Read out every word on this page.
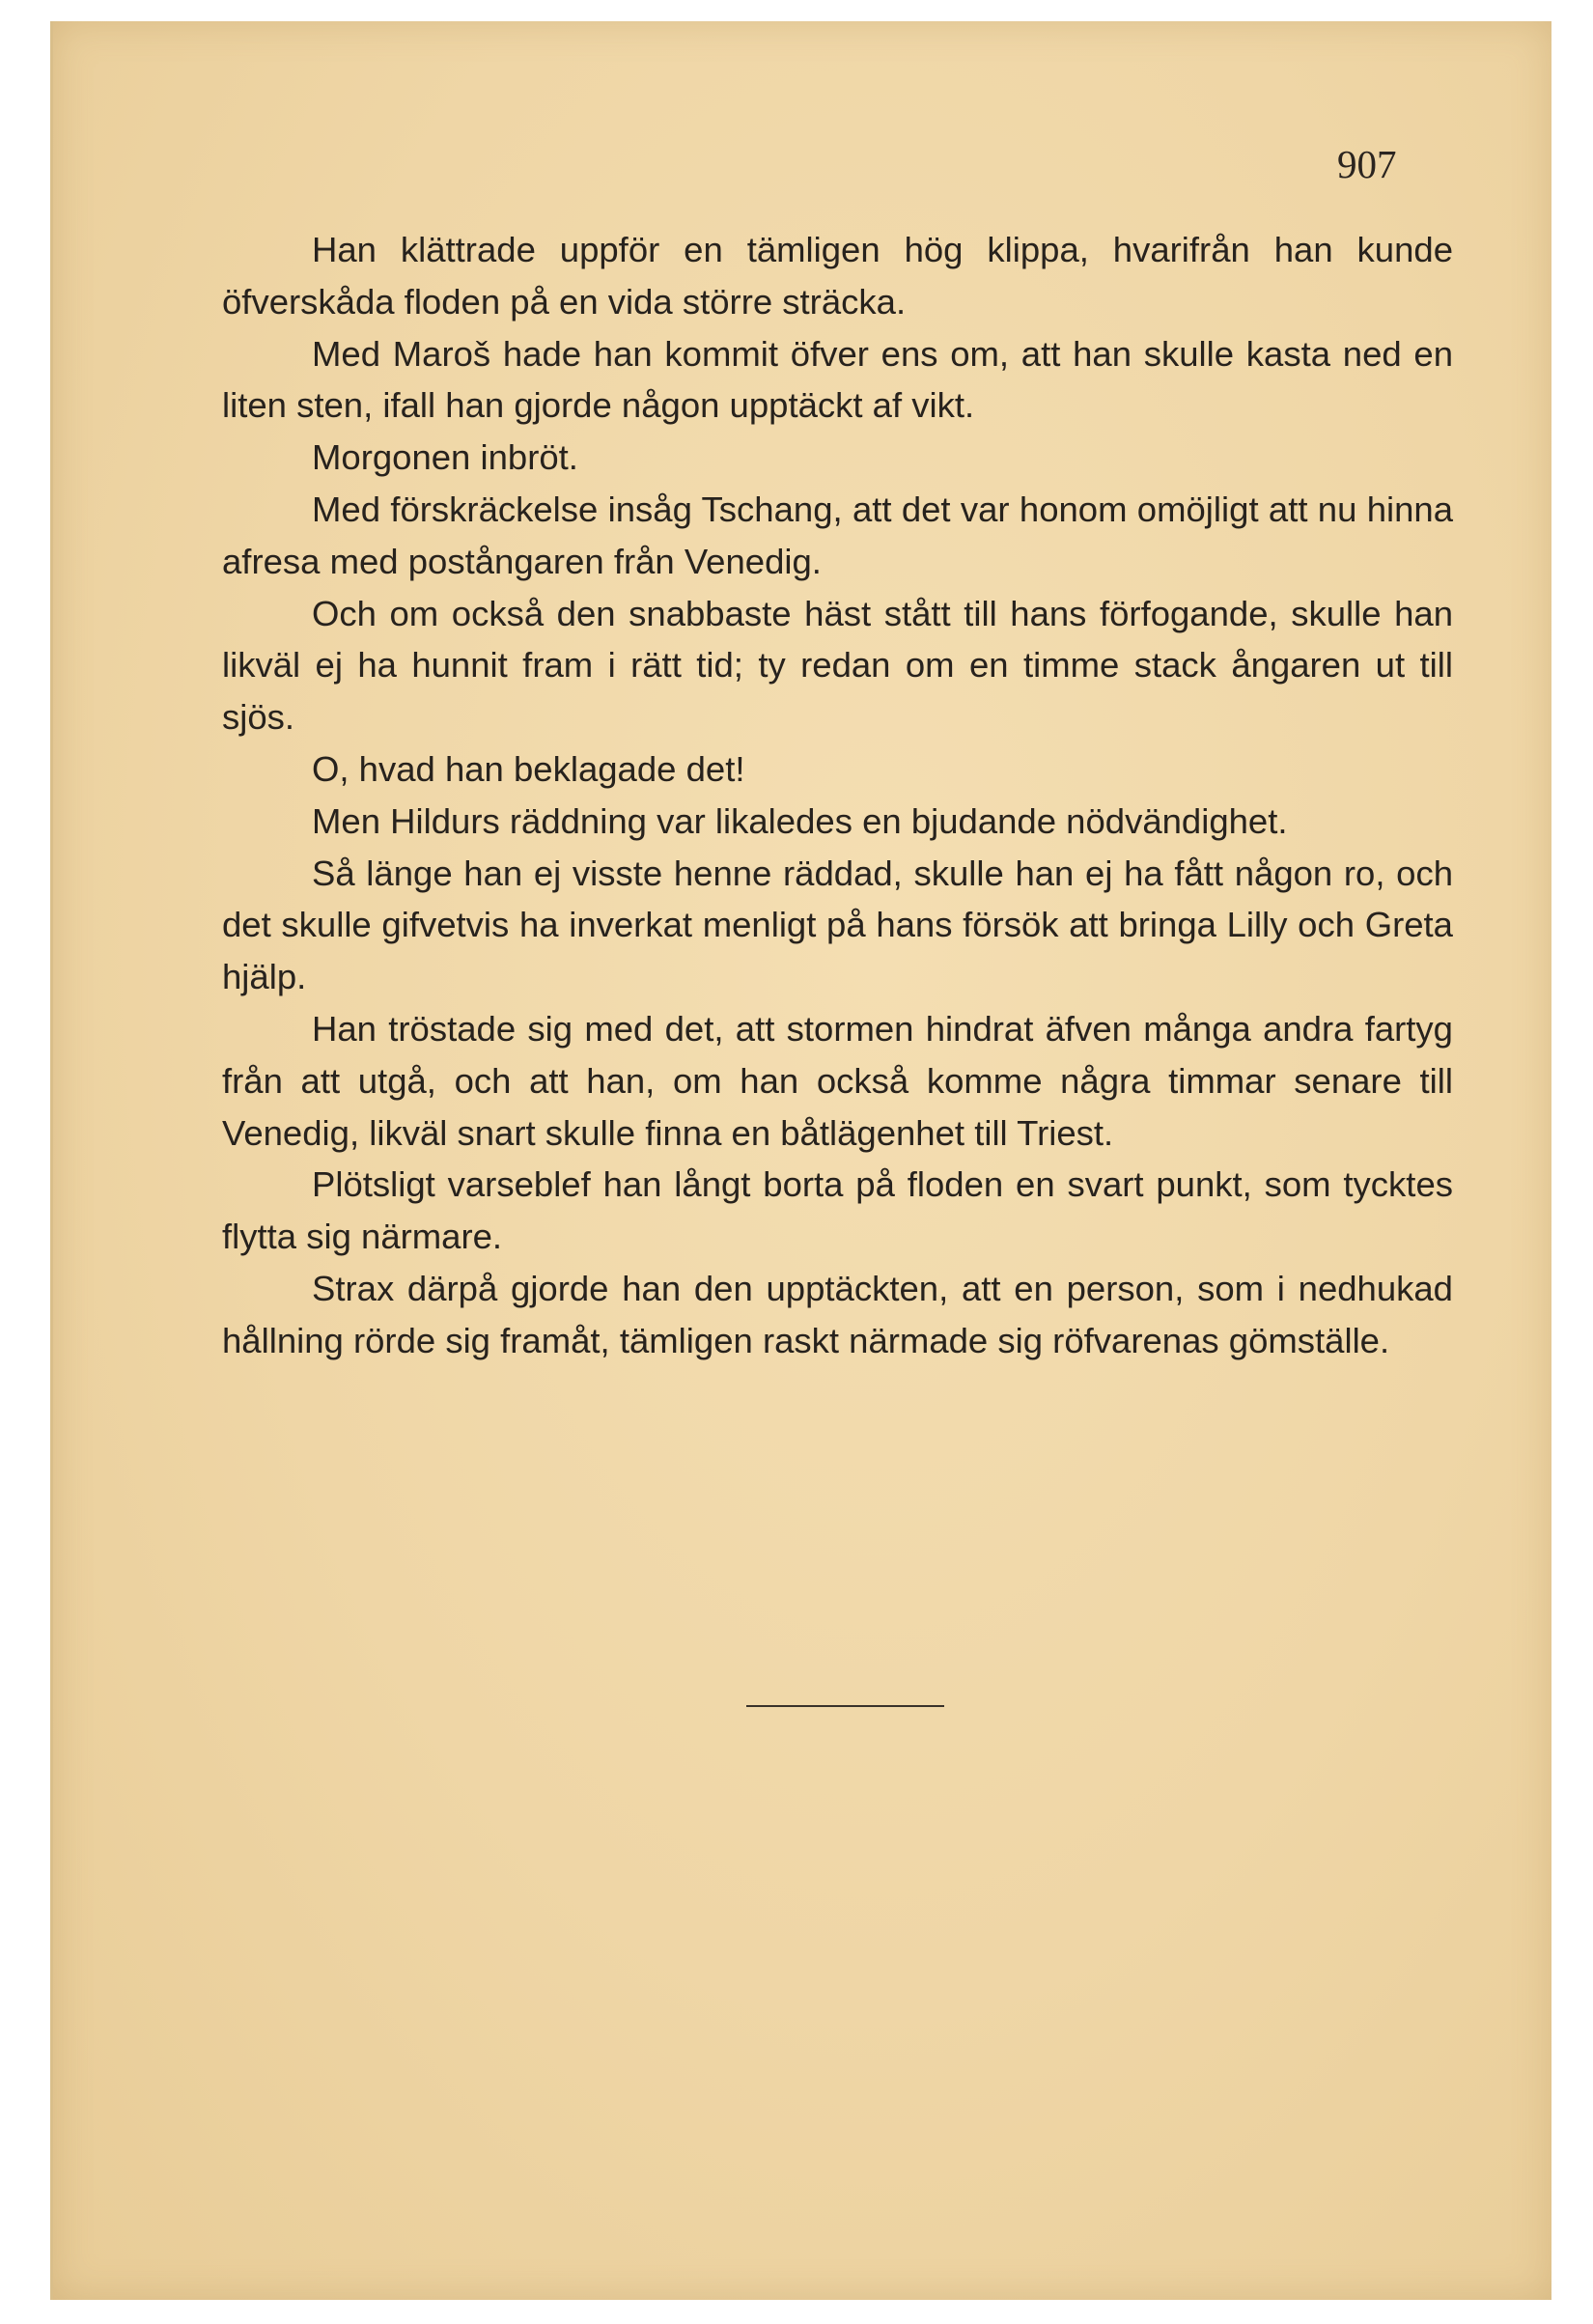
907

Han klättrade uppför en tämligen hög klippa, hvarifrån han kunde öfverskåda floden på en vida större sträcka.

Med Maroš hade han kommit öfver ens om, att han skulle kasta ned en liten sten, ifall han gjorde någon upptäckt af vikt.

Morgonen inbröt.

Med förskräckelse insåg Tschang, att det var honom omöjligt att nu hinna afresa med postångaren från Venedig.

Och om också den snabbaste häst stått till hans förfogande, skulle han likväl ej ha hunnit fram i rätt tid; ty redan om en timme stack ångaren ut till sjös.

O, hvad han beklagade det!

Men Hildurs räddning var likaledes en bjudande nödvändighet.

Så länge han ej visste henne räddad, skulle han ej ha fått någon ro, och det skulle gifvetvis ha inverkat menligt på hans försök att bringa Lilly och Greta hjälp.

Han tröstade sig med det, att stormen hindrat äfven många andra fartyg från att utgå, och att han, om han också komme några timmar senare till Venedig, likväl snart skulle finna en båtlägenhet till Triest.

Plötsligt varseblef han långt borta på floden en svart punkt, som tycktes flytta sig närmare.

Strax därpå gjorde han den upptäckten, att en person, som i nedhukad hållning rörde sig framåt, tämligen raskt närmade sig röfvarenas gömställe.
